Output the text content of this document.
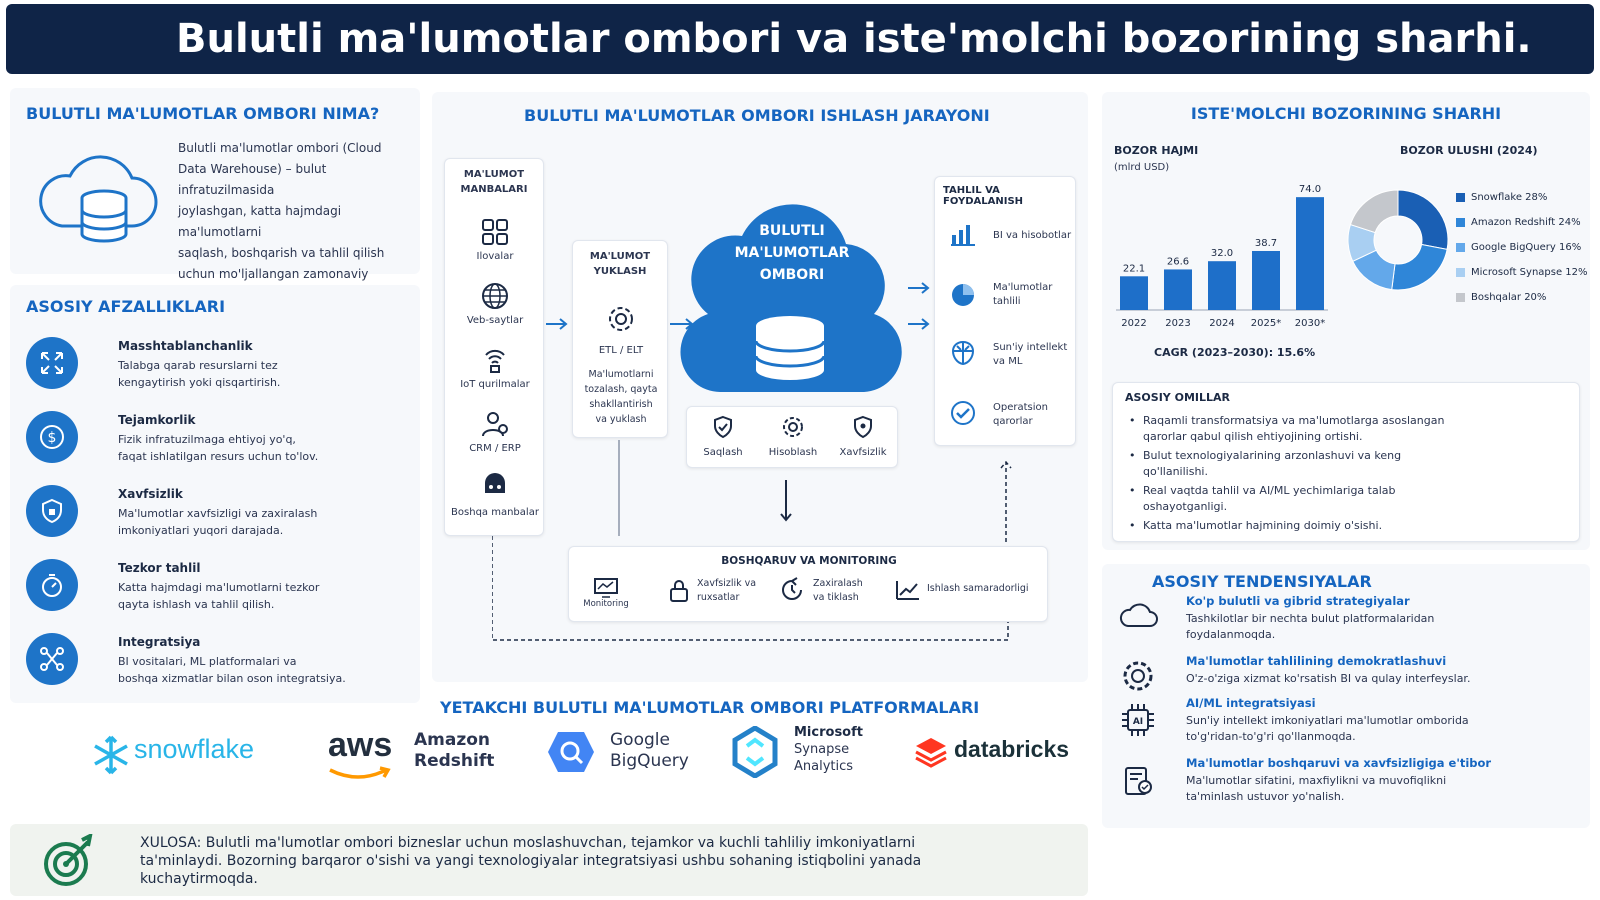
Bulutli ma'lumotlar ombori va iste'molchi bozorining sharhi.
BULUTLI MA'LUMOTLAR OMBORI NIMA?
Bulutli ma'lumotlar ombori (Cloud
Data Warehouse) – bulut infratuzilmasida
joylashgan, katta hajmdagi ma'lumotlarni
saqlash, boshqarish va tahlil qilish
uchun mo'ljallangan zamonaviy
ASOSIY AFZALLIKLARI
Masshtablanchanlik
Talabga qarab resurslarni tez
kengaytirish yoki qisqartirish.
$
Tejamkorlik
Fizik infratuzilmaga ehtiyoj yo'q,
faqat ishlatilgan resurs uchun to'lov.
Xavfsizlik
Ma'lumotlar xavfsizligi va zaxiralash
imkoniyatlari yuqori darajada.
Tezkor tahlil
Katta hajmdagi ma'lumotlarni tezkor
qayta ishlash va tahlil qilish.
Integratsiya
BI vositalari, ML platformalari va
boshqa xizmatlar bilan oson integratsiya.
BULUTLI MA'LUMOTLAR OMBORI ISHLASH JARAYONI
MA'LUMOT
MANBALARI
Ilovalar
Veb-saytlar
IoT qurilmalar
CRM / ERP
Boshqa manbalar
MA'LUMOT
YUKLASH
ETL / ELT
Ma'lumotlarni
tozalash, qayta
shakllantirish
va yuklash
BULUTLI
MA'LUMOTLAR
OMBORI
Saqlash	Hisoblash	Xavfsizlik
TAHLIL VA FOYDALANISH
BI va hisobotlar
Ma'lumotlar
tahlili
Sun'iy intellekt
va ML
Operatsion
qarorlar
BOSHQARUV VA MONITORING
Monitoring
Xavfsizlik va
ruxsatlar
Zaxiralash
va tiklash
Ishlash samaradorligi
YETAKCHI BULUTLI MA'LUMOTLAR OMBORI PLATFORMALARI
snowflake aws Amazon
Redshift
Google
BigQuery
Microsoft
Synapse
Analytics
databricks
XULOSA: Bulutli ma'lumotlar ombori bizneslar uchun moslashuvchan, tejamkor va kuchli tahliliy imkoniyatlarni
ta'minlaydi. Bozorning barqaror o'sishi va yangi texnologiyalar integratsiyasi ushbu sohaning istiqbolini yanada
kuchaytirmoqda.
ISTE'MOLCHI BOZORINING SHARHI
BOZOR HAJMI
(mlrd USD)
22.1
2022
26.6
2023
32.0
2024
38.7
2025*
74.0
2030*
CAGR (2023–2030): 15.6%
BOZOR ULUSHI (2024)
Snowflake 28%
Amazon Redshift 24%
Google BigQuery 16%
Microsoft Synapse 12%
Boshqalar 20%
ASOSIY OMILLAR
• Raqamli transformatsiya va ma'lumotlarga asoslangan
qarorlar qabul qilish ehtiyojining ortishi.
• Bulut texnologiyalarining arzonlashuvi va keng
qo'llanilishi.
• Real vaqtda tahlil va AI/ML yechimlariga talab
oshayotganligi.
• Katta ma'lumotlar hajmining doimiy o'sishi.
ASOSIY TENDENSIYALAR
Ko'p bulutli va gibrid strategiyalar
Tashkilotlar bir nechta bulut platformalaridan
foydalanmoqda.
Ma'lumotlar tahlilining demokratlashuvi
O'z-o'ziga xizmat ko'rsatish BI va qulay interfeyslar.
AI
AI/ML integratsiyasi
Sun'iy intellekt imkoniyatlari ma'lumotlar omborida
to'g'ridan-to'g'ri qo'llanmoqda.
Ma'lumotlar boshqaruvi va xavfsizligiga e'tibor
Ma'lumotlar sifatini, maxfiylikni va muvofiqlikni
ta'minlash ustuvor yo'nalish.
